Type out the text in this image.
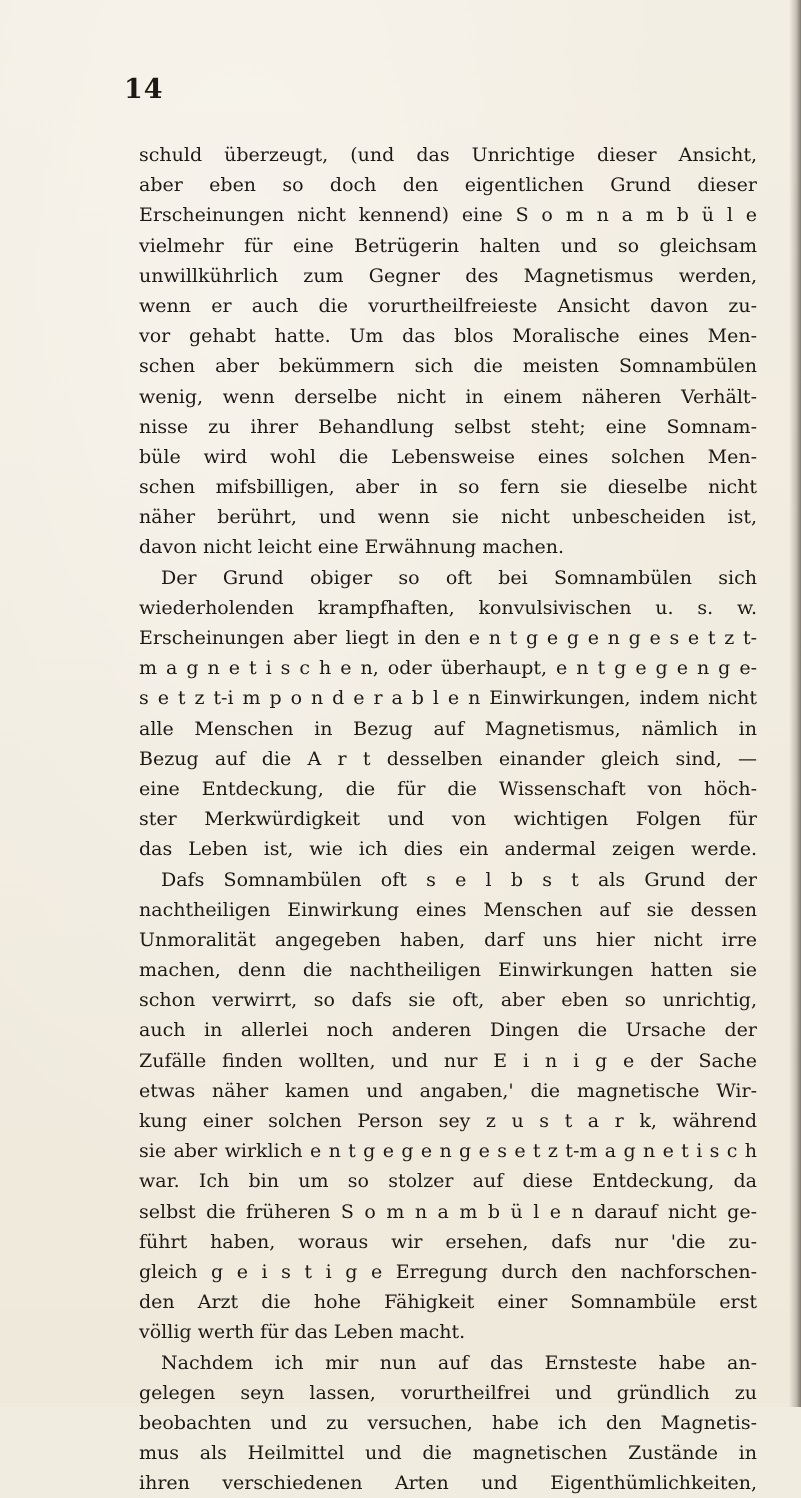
14
schuld überzeugt, (und das Unrichtige dieser Ansicht,
aber eben so doch den eigentlichen Grund dieser
Erscheinungen nicht kennend) eine S o m n a m b ü l e
vielmehr für eine Betrügerin halten und so gleichsam
unwillkührlich zum Gegner des Magnetismus werden,
wenn er auch die vorurtheilfreieste Ansicht davon zu-
vor gehabt hatte. Um das blos Moralische eines Men-
schen aber bekümmern sich die meisten Somnambülen
wenig, wenn derselbe nicht in einem näheren Verhält-
nisse zu ihrer Behandlung selbst steht; eine Somnam-
büle wird wohl die Lebensweise eines solchen Men-
schen mifsbilligen, aber in so fern sie dieselbe nicht
näher berührt, und wenn sie nicht unbescheiden ist,
davon nicht leicht eine Erwähnung machen.
Der Grund obiger so oft bei Somnambülen sich
wiederholenden krampfhaften, konvulsivischen u. s. w.
Erscheinungen aber liegt in den e n t g e g e n g e s e t z t-
m a g n e t i s c h e n, oder überhaupt, e n t g e g e n g e-
s e t z t-i m p o n d e r a b l e n Einwirkungen, indem nicht
alle Menschen in Bezug auf Magnetismus, nämlich in
Bezug auf die A r t desselben einander gleich sind, —
eine Entdeckung, die für die Wissenschaft von höch-
ster Merkwürdigkeit und von wichtigen Folgen für
das Leben ist, wie ich dies ein andermal zeigen werde.
Dafs Somnambülen oft s e l b s t als Grund der
nachtheiligen Einwirkung eines Menschen auf sie dessen
Unmoralität angegeben haben, darf uns hier nicht irre
machen, denn die nachtheiligen Einwirkungen hatten sie
schon verwirrt, so dafs sie oft, aber eben so unrichtig,
auch in allerlei noch anderen Dingen die Ursache der
Zufälle finden wollten, und nur E i n i g e der Sache
etwas näher kamen und angaben,' die magnetische Wir-
kung einer solchen Person sey z u s t a r k, während
sie aber wirklich e n t g e g e n g e s e t z t-m a g n e t i s c h
war. Ich bin um so stolzer auf diese Entdeckung, da
selbst die früheren S o m n a m b ü l e n darauf nicht ge-
führt haben, woraus wir ersehen, dafs nur 'die zu-
gleich g e i s t i g e Erregung durch den nachforschen-
den Arzt die hohe Fähigkeit einer Somnambüle erst
völlig werth für das Leben macht.
Nachdem ich mir nun auf das Ernsteste habe an-
gelegen seyn lassen, vorurtheilfrei und gründlich zu
beobachten und zu versuchen, habe ich den Magnetis-
mus als Heilmittel und die magnetischen Zustände in
ihren verschiedenen Arten und Eigenthümlichkeiten,
